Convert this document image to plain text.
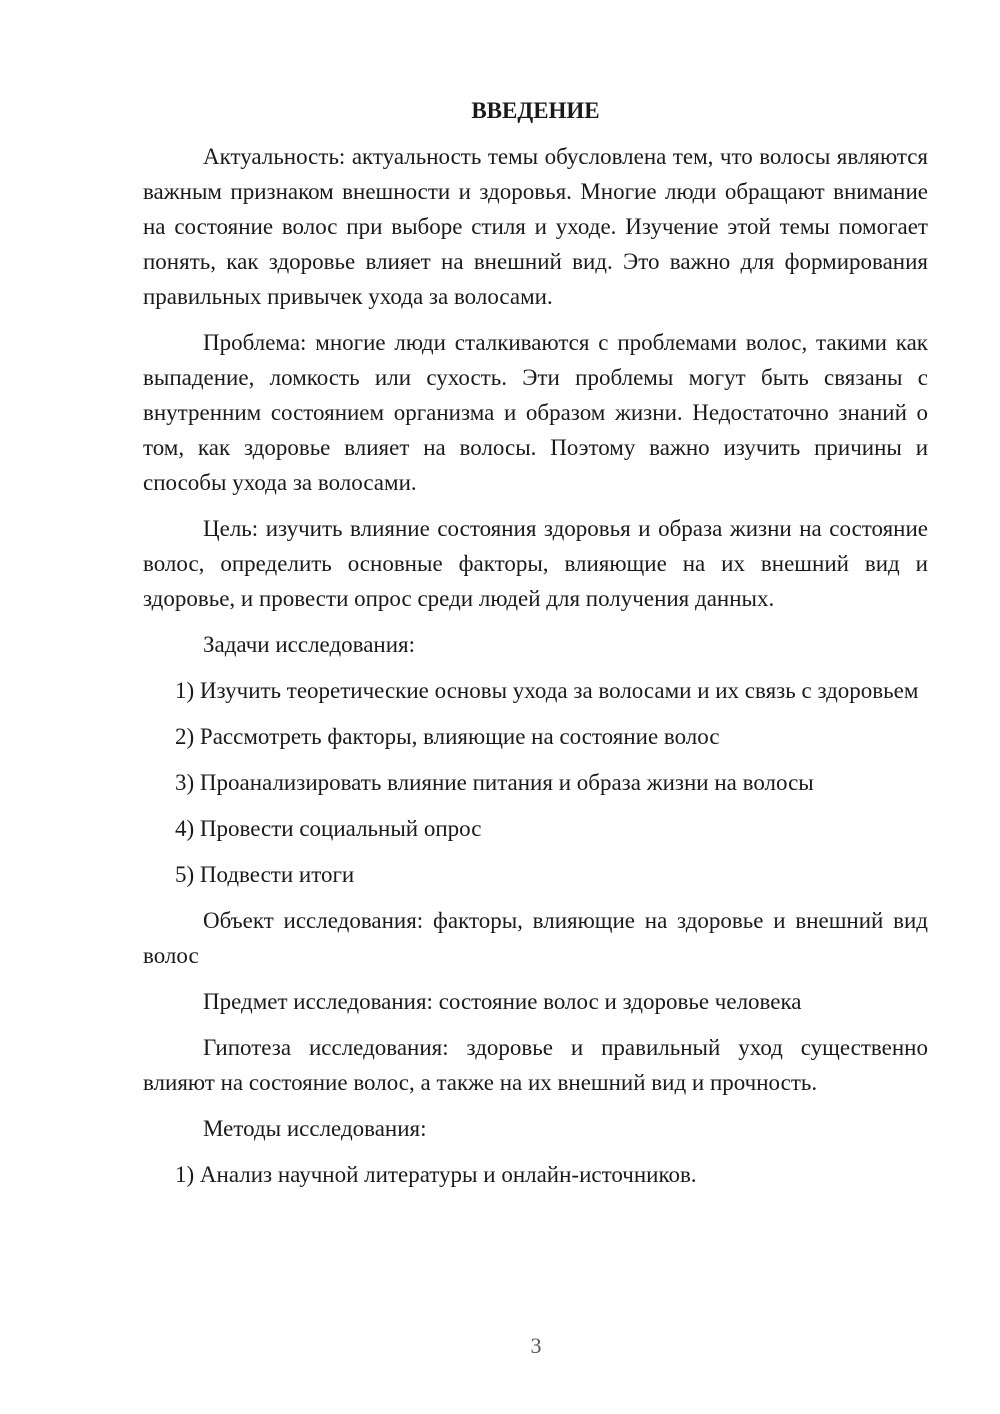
ВВЕДЕНИЕ
Актуальность: актуальность темы обусловлена тем, что волосы являются важным признаком внешности и здоровья. Многие люди обращают внимание на состояние волос при выборе стиля и уходе. Изучение этой темы помогает понять, как здоровье влияет на внешний вид. Это важно для формирования правильных привычек ухода за волосами.
Проблема: многие люди сталкиваются с проблемами волос, такими как выпадение, ломкость или сухость. Эти проблемы могут быть связаны с внутренним состоянием организма и образом жизни. Недостаточно знаний о том, как здоровье влияет на волосы. Поэтому важно изучить причины и способы ухода за волосами.
Цель: изучить влияние состояния здоровья и образа жизни на состояние волос, определить основные факторы, влияющие на их внешний вид и здоровье, и провести опрос среди людей для получения данных.
Задачи исследования:
1) Изучить теоретические основы ухода за волосами и их связь с здоровьем
2) Рассмотреть факторы, влияющие на состояние волос
3) Проанализировать влияние питания и образа жизни на волосы
4) Провести социальный опрос
5) Подвести итоги
Объект исследования: факторы, влияющие на здоровье и внешний вид волос
Предмет исследования: состояние волос и здоровье человека
Гипотеза исследования: здоровье и правильный уход существенно влияют на состояние волос, а также на их внешний вид и прочность.
Методы исследования:
1) Анализ научной литературы и онлайн-источников.
3
